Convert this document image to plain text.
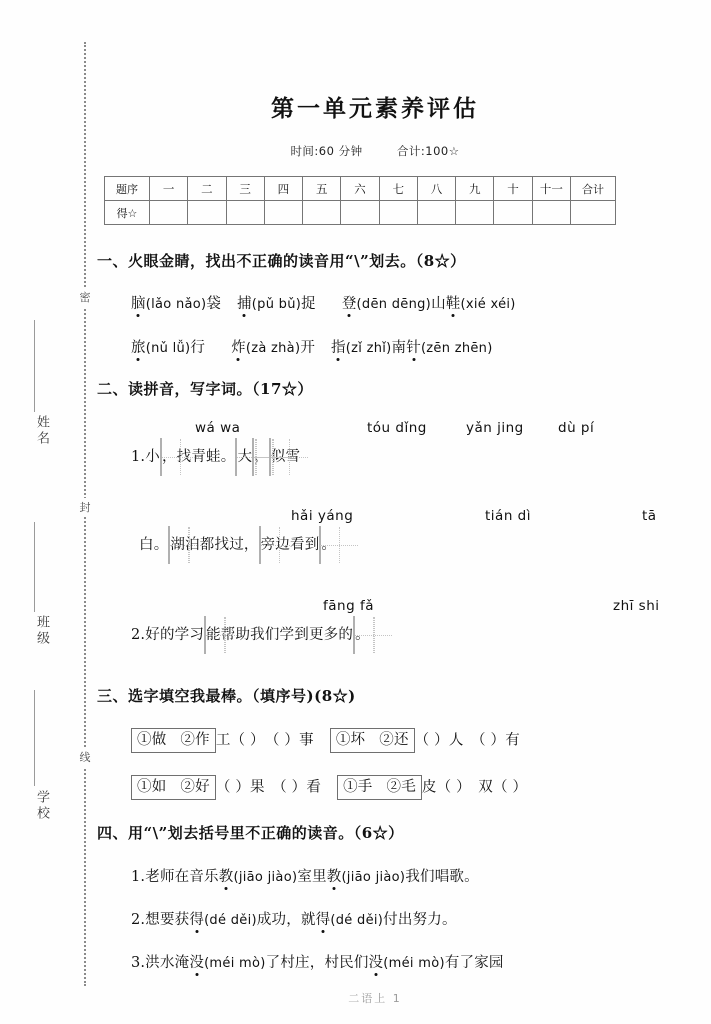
密
封
线
姓名
班级
学校
第一单元素养评估
时间:60 分钟	合计:100☆
题序	一	二	三	四	五	六	七	八	九	十	十一	合计
得☆												
一、火眼金睛，找出不正确的读音用“\”划去。（8☆）
脑(lǎo nǎo)袋 捕(pǔ bǔ)捉 登(dēn dēng)山鞋(xié xéi)
旅(nǔ lǚ)行 炸(zà zhà)开 指(zǐ zhǐ)南针(zēn zhēn)
二、读拼音，写字词。（17☆）
wá wa	tóu dǐng	yǎn jing	dù pí
1.小 ，找青蛙。 大 ， 似雪
hǎi yáng	tián dì	tā
白。 湖泊都找过， 旁边看到 。
fāng fǎ	zhī shi
2.好的学习 能帮助我们学到更多的 。
三、选字填空我最棒。（填序号)(8☆)
①做 ②作 工（ ）　（ ）事 ①坏 ②还 （ ）人　（ ）有
①如 ②好 （ ）果　（ ）看 ①手 ②毛 皮（ ）　双（ ）
四、用“\”划去括号里不正确的读音。（6☆）
1.老师在音乐教(jiāo jiào)室里教(jiāo jiào)我们唱歌。
2.想要获得(dé děi)成功，就得(dé děi)付出努力。
3.洪水淹没(méi mò)了村庄，村民们没(méi mò)有了家园
二语上 1
